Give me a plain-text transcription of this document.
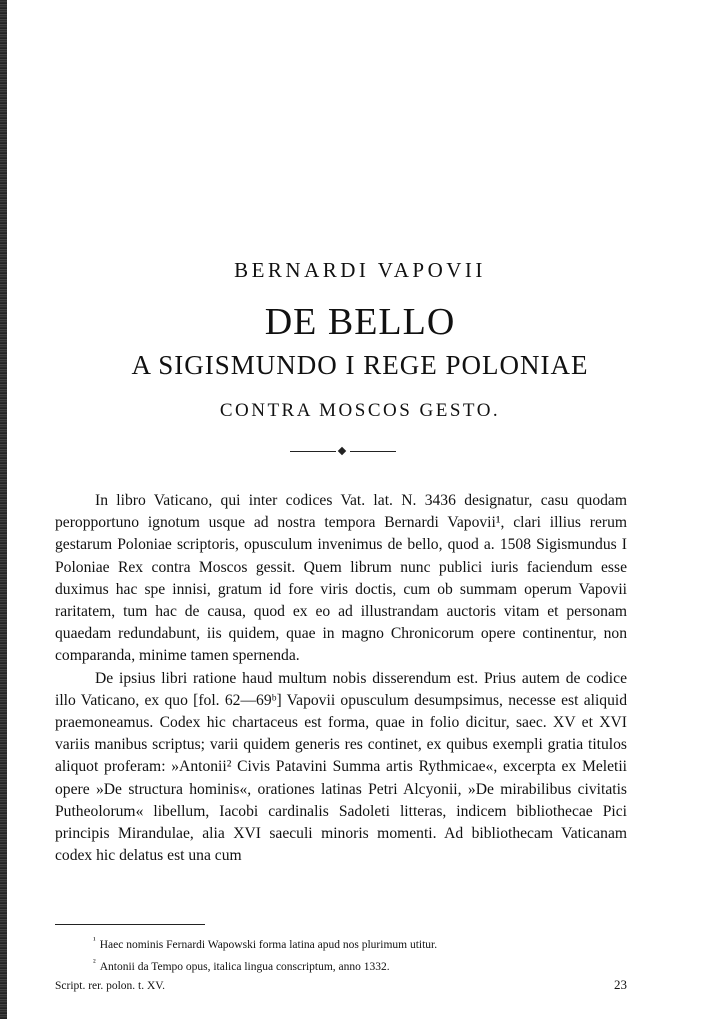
BERNARDI VAPOVII
DE BELLO
A SIGISMUNDO I REGE POLONIAE
CONTRA MOSCOS GESTO.

In libro Vaticano, qui inter codices Vat. lat. N. 3436 designatur, casu quodam peropportuno ignotum usque ad nostra tempora Bernardi Vapovii¹, clari illius rerum gestarum Poloniae scriptoris, opusculum invenimus de bello, quod a. 1508 Sigismundus I Poloniae Rex contra Moscos gessit. Quem librum nunc publici iuris faciendum esse duximus hac spe innisi, gratum id fore viris doctis, cum ob summam operum Vapovii raritatem, tum hac de causa, quod ex eo ad illustrandam auctoris vitam et personam quaedam redundabunt, iis quidem, quae in magno Chronicorum opere continentur, non comparanda, minime tamen spernenda.

De ipsius libri ratione haud multum nobis disserendum est. Prius autem de codice illo Vaticano, ex quo [fol. 62—69ᵇ] Vapovii opusculum desumpsimus, necesse est aliquid praemoneamus. Codex hic chartaceus est forma, quae in folio dicitur, saec. XV et XVI variis manibus scriptus; varii quidem generis res continet, ex quibus exempli gratia titulos aliquot proferam: »Antonii² Civis Patavini Summa artis Rythmicae«, excerpta ex Meletii opere »De structura hominis«, orationes latinas Petri Alcyonii, »De mirabilibus civitatis Putheolorum« libellum, Iacobi cardinalis Sadoleti litteras, indicem bibliothecae Pici principis Mirandulae, alia XVI saeculi minoris momenti. Ad bibliothecam Vaticanam codex hic delatus est una cum

$^{^1}$ Haec nominis Fernardi Wapowski forma latina apud nos plurimum utitur.
$^{^2}$ Antonii da Tempo opus, italica lingua conscriptum, anno 1332.
Script. rer. polon. t. XV.	23
